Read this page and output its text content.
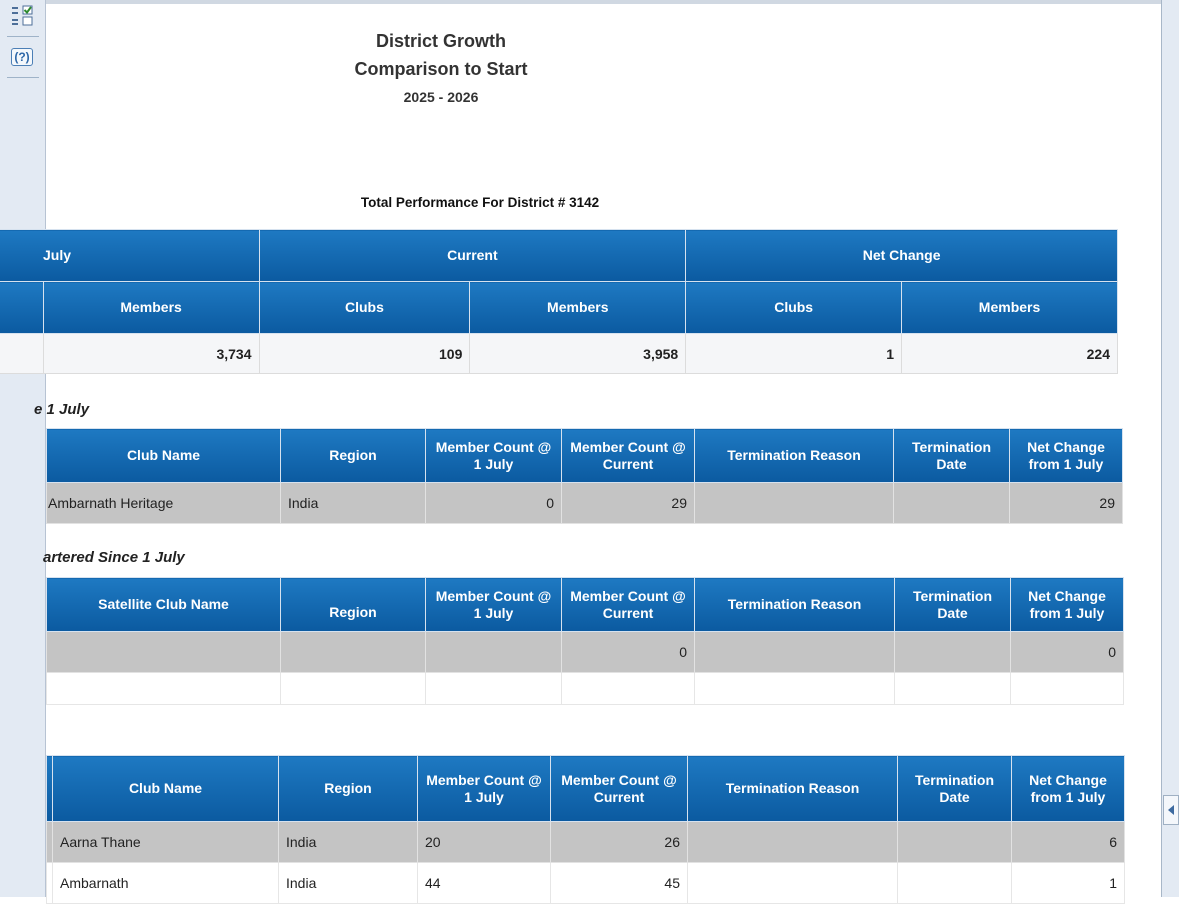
(?)
District Growth
Comparison to Start
2025 - 2026
Total Performance For District # 3142
July		Current		Net Change	
	Members	Clubs	Members	Clubs	Members
	3,734	109	3,958	1	224
e 1 July
Club Name	Region	Member Count @ 1 July	Member Count @ Current	Termination Reason	Termination Date	Net Change from 1 July
Ambarnath Heritage	India	0	29			29
artered Since 1 July
Satellite Club Name	Region	Member Count @ 1 July	Member Count @ Current	Termination Reason	Termination Date	Net Change from 1 July
			0			0

	Club Name	Region	Member Count @ 1 July	Member Count @ Current	Termination Reason	Termination Date	Net Change from 1 July
	Aarna Thane	India	20	26			6
	Ambarnath	India	44	45			1
